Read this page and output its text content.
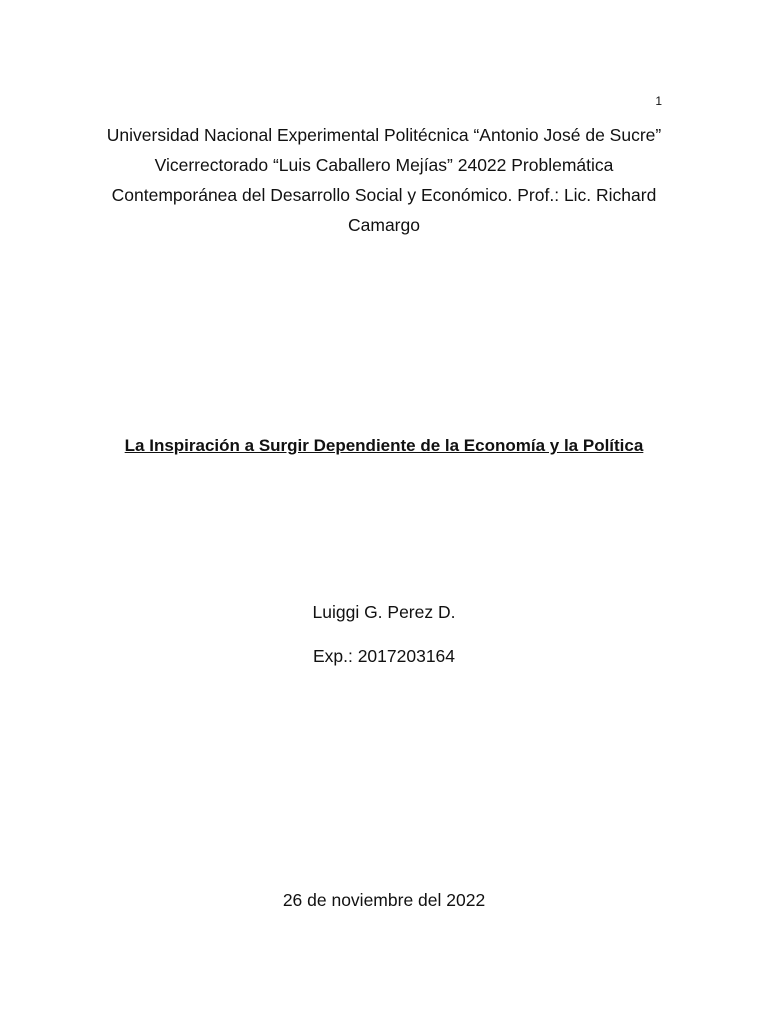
1
Universidad Nacional Experimental Politécnica “Antonio José de Sucre” Vicerrectorado “Luis Caballero Mejías” 24022 Problemática Contemporánea del Desarrollo Social y Económico. Prof.: Lic. Richard Camargo
La Inspiración a Surgir Dependiente de la Economía y la Política
Luiggi G. Perez D.
Exp.: 2017203164
26 de noviembre del 2022
